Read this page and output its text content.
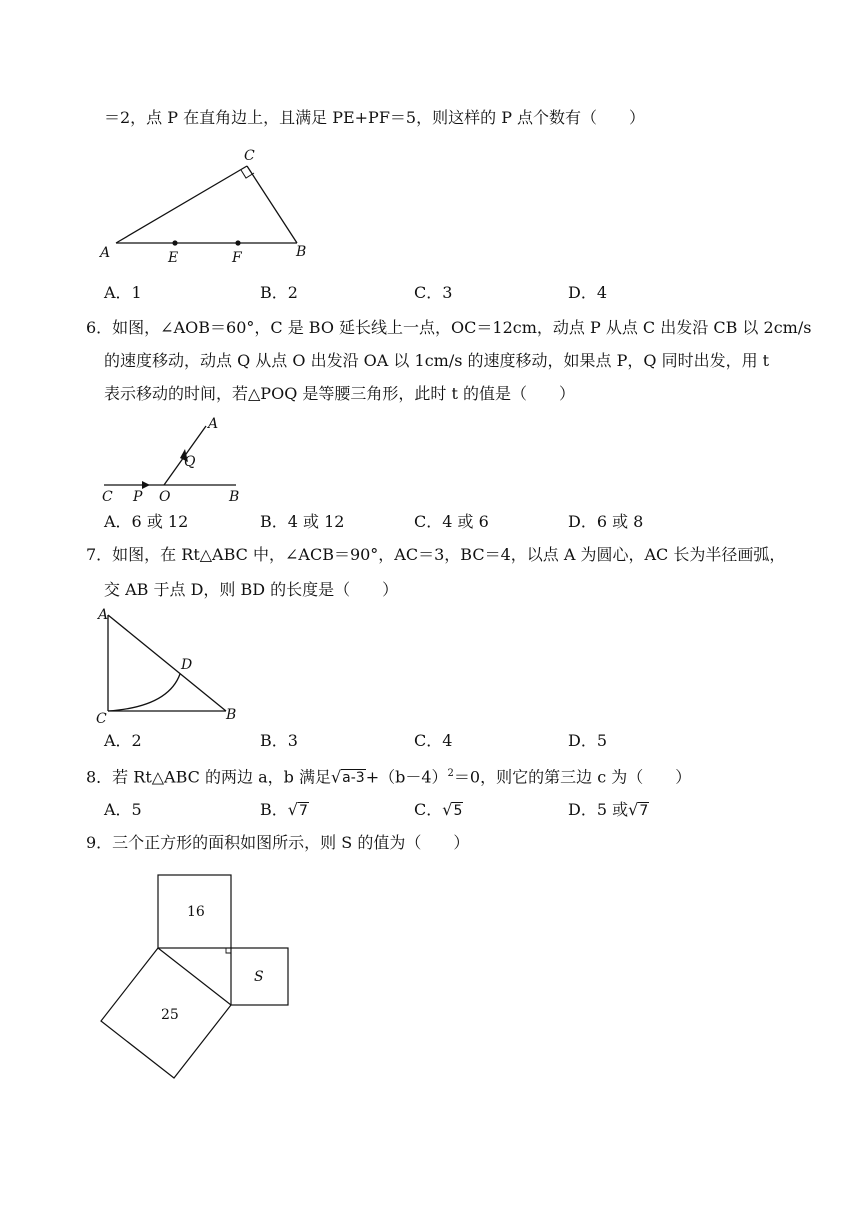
＝2，点 P 在直角边上，且满足 PE+PF＝5，则这样的 P 点个数有（　　）
A	B
C
E	F
A．1	B．2	C．3	D．4
6．如图，∠AOB＝60°，C 是 BO 延长线上一点，OC＝12cm，动点 P 从点 C 出发沿 CB 以 2cm/s
的速度移动，动点 Q 从点 O 出发沿 OA 以 1cm/s 的速度移动，如果点 P，Q 同时出发，用 t
表示移动的时间，若△POQ 是等腰三角形，此时 t 的值是（　　）
A
Q
C P O	B
A．6 或 12	B．4 或 12	C．4 或 6	D．6 或 8
7．如图，在 Rt△ABC 中，∠ACB＝90°，AC＝3，BC＝4，以点 A 为圆心，AC 长为半径画弧，
交 AB 于点 D，则 BD 的长度是（　　）
A
D
C	B
A．2	B．3	C．4	D．5
8．若 Rt△ABC 的两边 a，b 满足$√a-3+(b-4)^2=0$，则它的第三边 c 为（　　）
A．5	B．√7	C．√5	D．5 或√7
9．三个正方形的面积如图所示，则 S 的值为（　　）
16
S
25
